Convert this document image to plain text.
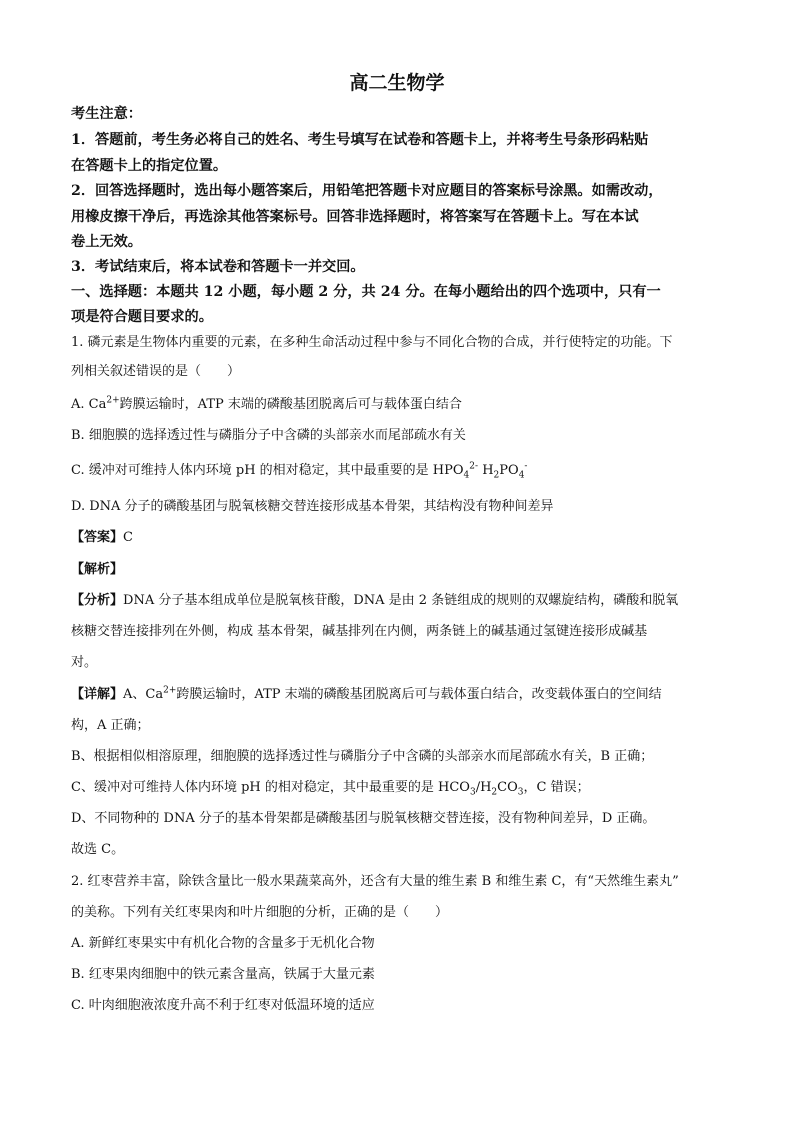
高二生物学
考生注意：
1．答题前，考生务必将自己的姓名、考生号填写在试卷和答题卡上，并将考生号条形码粘贴
在答题卡上的指定位置。
2．回答选择题时，选出每小题答案后，用铅笔把答题卡对应题目的答案标号涂黑。如需改动，
用橡皮擦干净后，再选涂其他答案标号。回答非选择题时，将答案写在答题卡上。写在本试
卷上无效。
3．考试结束后，将本试卷和答题卡一并交回。
一、选择题：本题共 12 小题，每小题 2 分，共 24 分。在每小题给出的四个选项中，只有一
项是符合题目要求的。
1. 磷元素是生物体内重要的元素，在多种生命活动过程中参与不同化合物的合成，并行使特定的功能。下
列相关叙述错误的是（　　）
A. $Ca^{2+}$跨膜运输时，ATP 末端的磷酸基团脱离后可与载体蛋白结合
B. 细胞膜的选择透过性与磷脂分子中含磷的头部亲水而尾部疏水有关
C. 缓冲对可维持人体内环境 pH 的相对稳定，其中最重要的是 $HPO_4^{2-}$ $H_2PO_4^-$
D. DNA 分子的磷酸基团与脱氧核糖交替连接形成基本骨架，其结构没有物种间差异
【答案】C
【解析】
【分析】DNA 分子基本组成单位是脱氧核苷酸，DNA 是由 2 条链组成的规则的双螺旋结构，磷酸和脱氧
核糖交替连接排列在外侧，构成 基本骨架，碱基排列在内侧，两条链上的碱基通过氢键连接形成碱基
对。
【详解】A、$Ca^{2+}$跨膜运输时，ATP 末端的磷酸基团脱离后可与载体蛋白结合，改变载体蛋白的空间结
构，A 正确；
B、根据相似相溶原理，细胞膜的选择透过性与磷脂分子中含磷的头部亲水而尾部疏水有关，B 正确；
C、缓冲对可维持人体内环境 pH 的相对稳定，其中最重要的是 $HCO_3/H_2CO_3$，C 错误；
D、不同物种的 DNA 分子的基本骨架都是磷酸基团与脱氧核糖交替连接，没有物种间差异，D 正确。
故选 C。
2. 红枣营养丰富，除铁含量比一般水果蔬菜高外，还含有大量的维生素 B 和维生素 C，有“天然维生素丸”
的美称。下列有关红枣果肉和叶片细胞的分析，正确的是（　　）
A. 新鲜红枣果实中有机化合物的含量多于无机化合物
B. 红枣果肉细胞中的铁元素含量高，铁属于大量元素
C. 叶肉细胞液浓度升高不利于红枣对低温环境的适应
